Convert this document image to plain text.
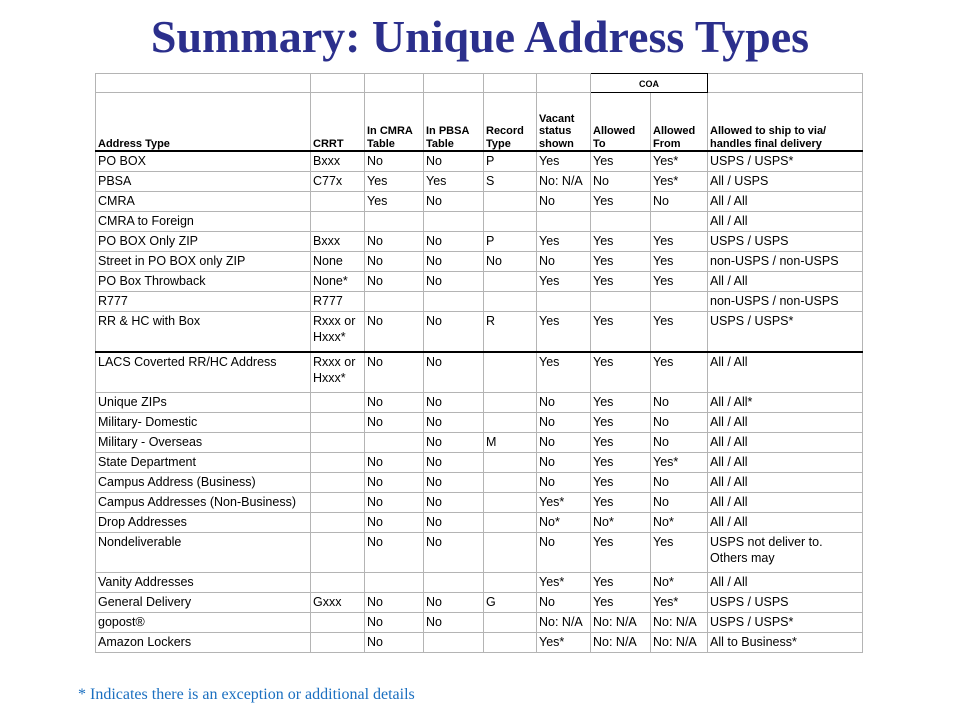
Summary: Unique Address Types
						COA		
Address Type	CRRT	In CMRA Table	In PBSA Table	Record Type	Vacant status shown	Allowed To	Allowed From	Allowed to ship to via/ handles final delivery
PO BOX	Bxxx	No	No	P	Yes	Yes	Yes*	USPS / USPS*
PBSA	C77x	Yes	Yes	S	No: N/A	No	Yes*	All / USPS
CMRA		Yes	No		No	Yes	No	All / All
CMRA to Foreign								All / All
PO BOX Only ZIP	Bxxx	No	No	P	Yes	Yes	Yes	USPS / USPS
Street in PO BOX only ZIP	None	No	No	No	No	Yes	Yes	non-USPS / non-USPS
PO Box Throwback	None*	No	No		Yes	Yes	Yes	All / All
R777	R777							non-USPS / non-USPS

RR & HC with Box	Rxxx or Hxxx*	No	No	R	Yes	Yes	Yes	USPS / USPS*

LACS Coverted RR/HC Address	Rxxx or Hxxx*	No	No		Yes	Yes	Yes	All / All

Unique ZIPs		No	No		No	Yes	No	All / All*
Military- Domestic		No	No		No	Yes	No	All / All
Military - Overseas			No	M	No	Yes	No	All / All
State Department		No	No		No	Yes	Yes*	All / All
Campus Address (Business)		No	No		No	Yes	No	All / All
Campus Addresses (Non-Business)		No	No		Yes*	Yes	No	All / All
Drop Addresses		No	No		No*	No*	No*	All / All

Nondeliverable		No	No		No	Yes	Yes	USPS not deliver to. Others may

Vanity Addresses					Yes*	Yes	No*	All / All
General Delivery	Gxxx	No	No	G	No	Yes	Yes*	USPS / USPS
gopost®		No	No		No: N/A	No: N/A	No: N/A	USPS / USPS*
Amazon Lockers		No			Yes*	No: N/A	No: N/A	All to Business*
* Indicates there is an exception or additional details
